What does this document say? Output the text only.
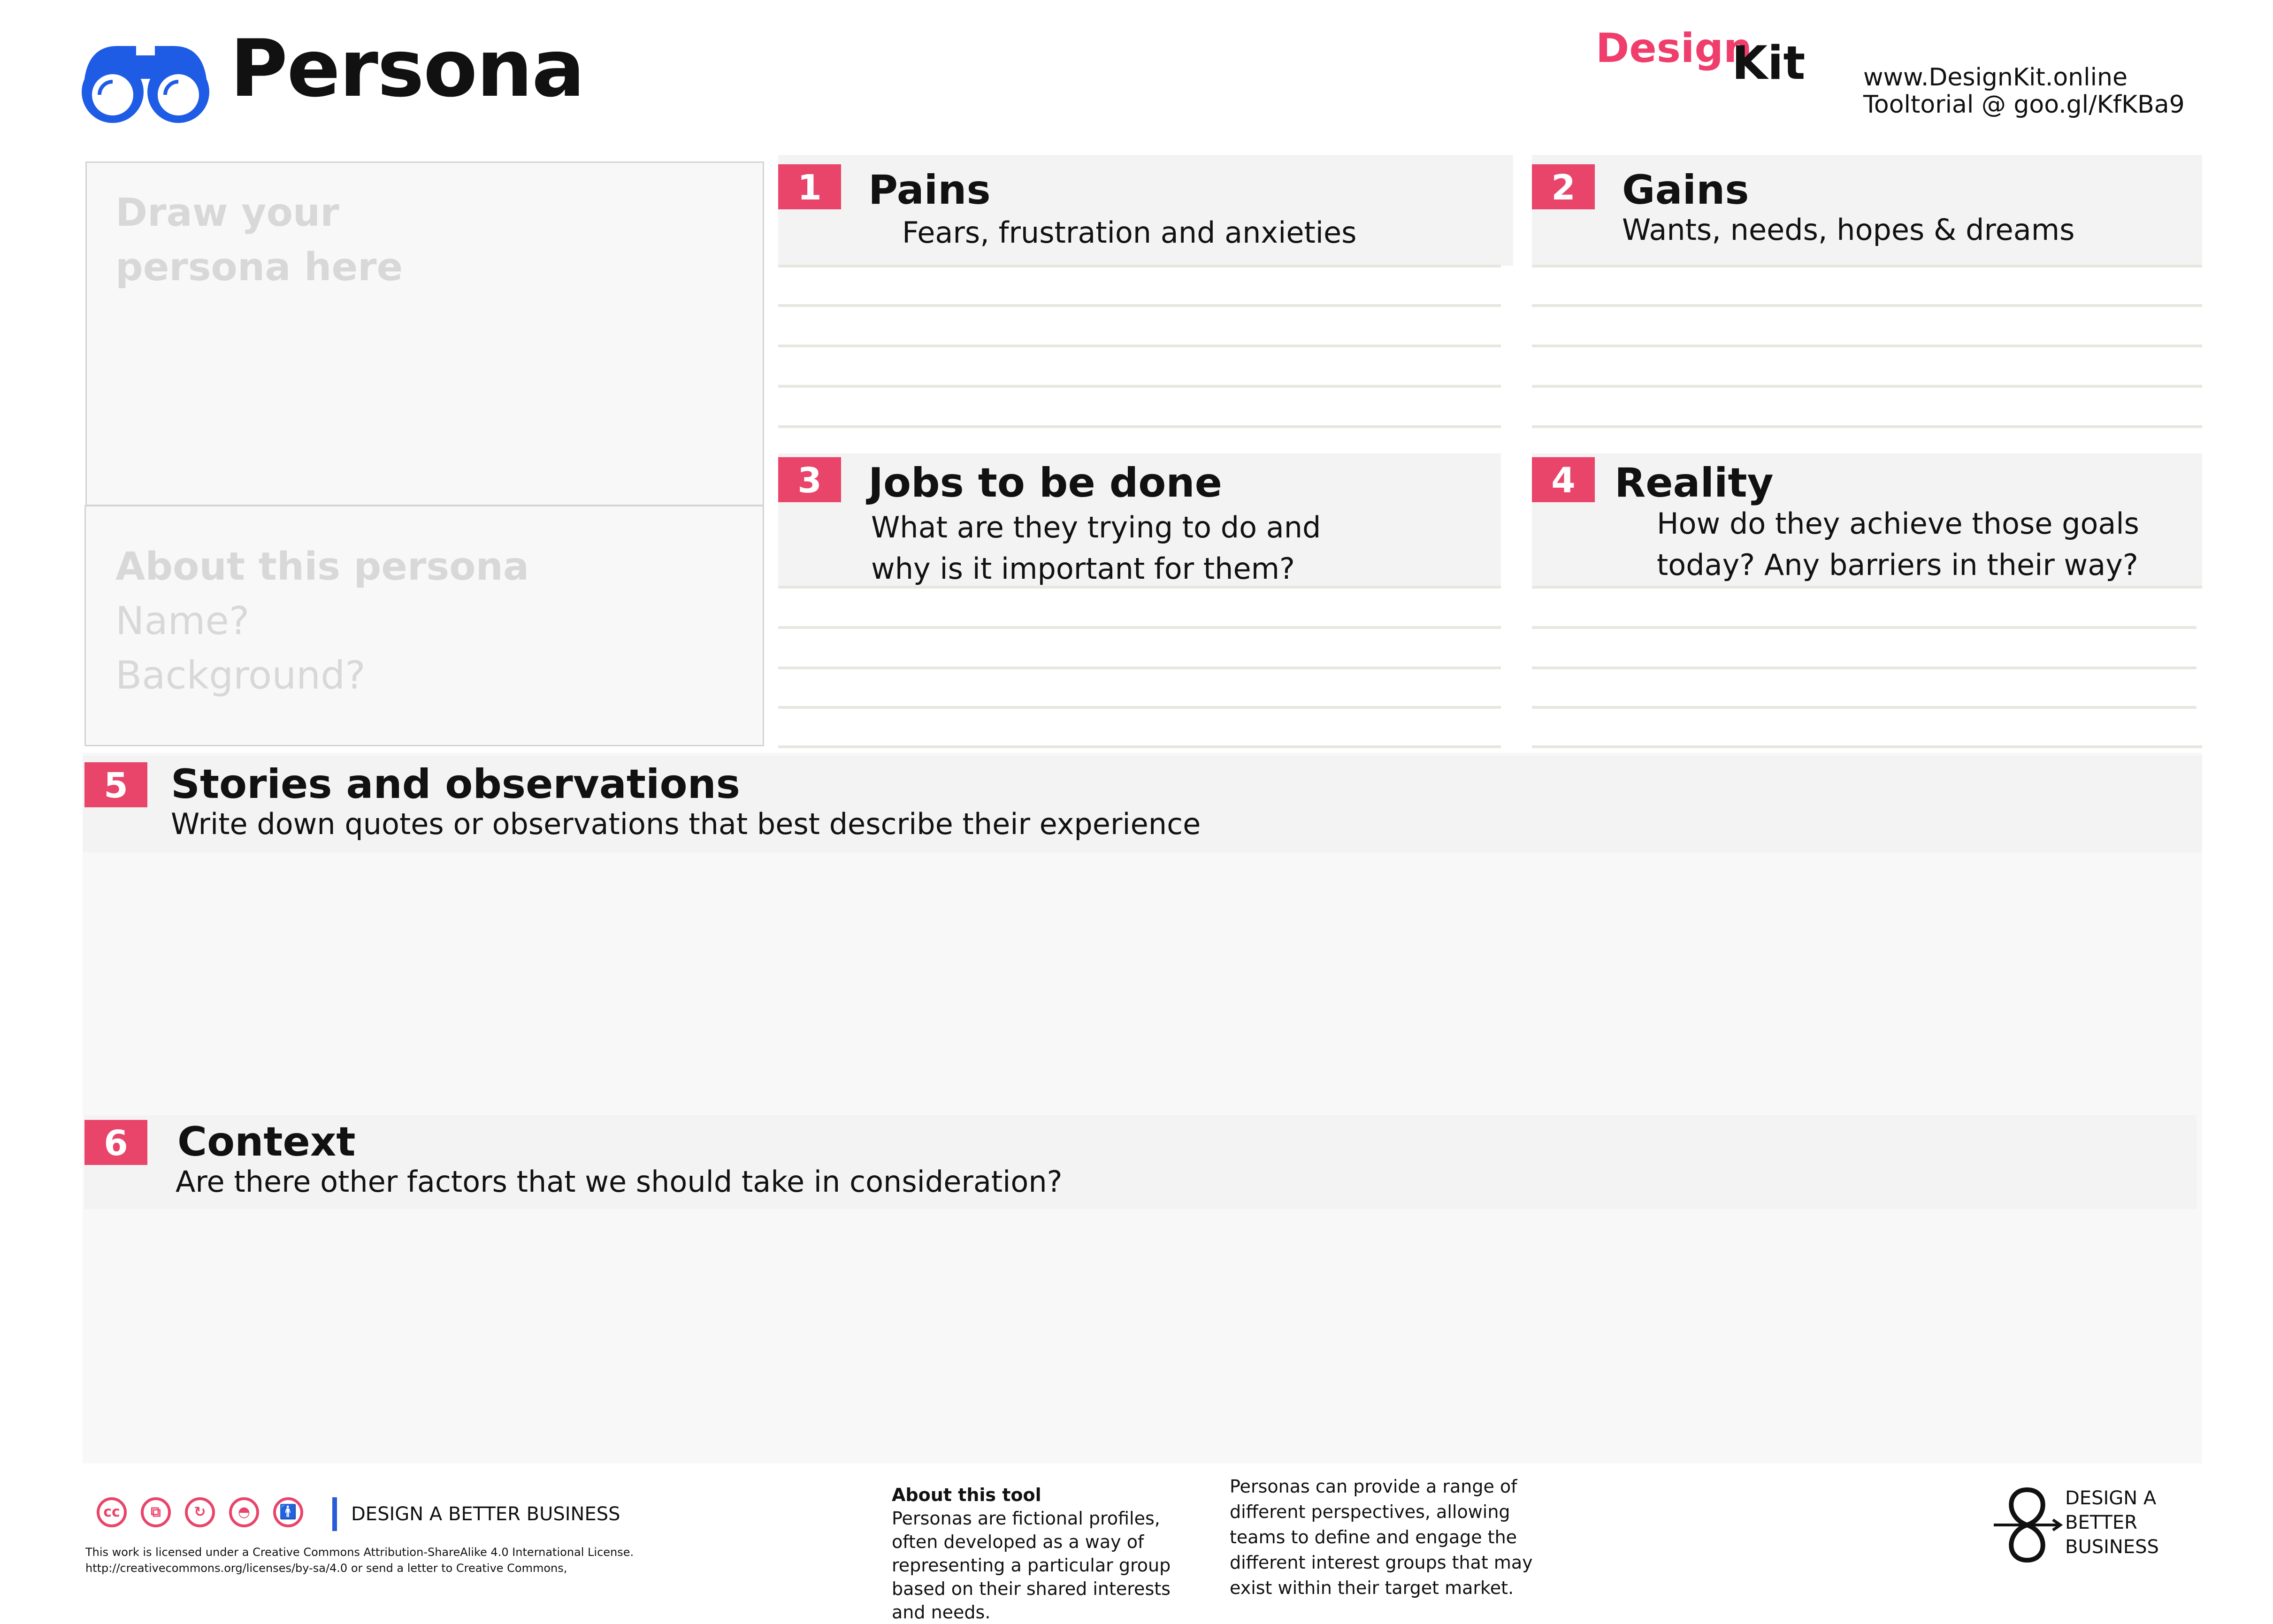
Persona	Design
Kit www.DesignKit.online
Tooltorial @ goo.gl/KfKBa9
Draw your
persona here
About this persona
Name?
Background?
1	Pains
Fears, frustration and anxieties
2	Gains
Wants, needs, hopes & dreams
3	Jobs to be done
What are they trying to do and
why is it important for them?
4 Reality
How do they achieve those goals
today? Any barriers in their way?
5	Stories and observations
Write down quotes or observations that best describe their experience
6	Context
Are there other factors that we should take in consideration?
cc	⧉	↻	◓	🚹	DESIGN A BETTER BUSINESS
This work is licensed under a Creative Commons Attribution-ShareAlike 4.0 International License.
http://creativecommons.org/licenses/by-sa/4.0 or send a letter to Creative Commons,
About this tool
Personas are fictional profiles, often developed as a way of representing a particular group based on their shared interests and needs.
Personas can provide a range of different perspectives, allowing teams to define and engage the different interest groups that may exist within their target market.
DESIGN A
BETTER
BUSINESS
